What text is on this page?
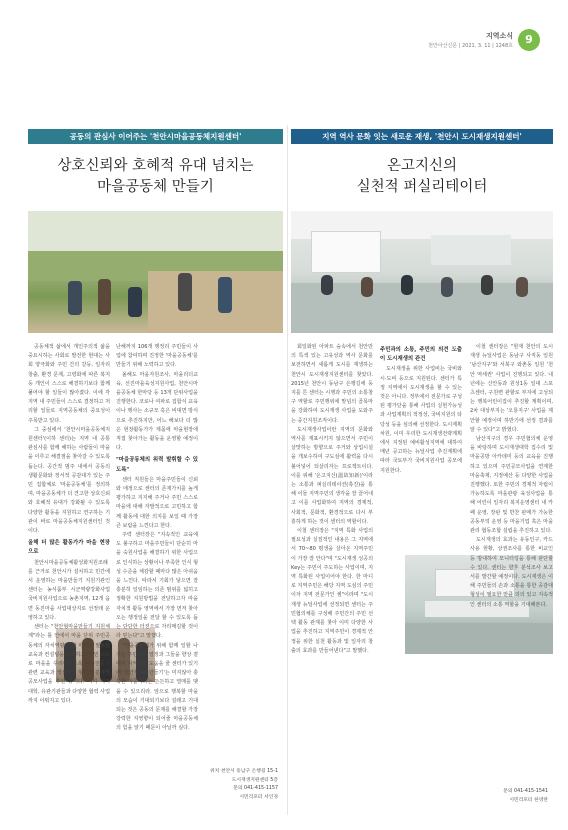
지역소식
천안아산신문 | 2021. 3. 11 | 1248호	9
공동의 관심사 이어주는 '천안시마을공동체지원센터'
상호신뢰와 호혜적 유대 넘치는
마을공동체 만들기

공동체적 삶에서 개인주의적 삶을 중요시하는 사회로 발전한 현대는 사회 양극화와 주민 간의 갈등, 일자리 창출, 환경 문제, 고령화에 따른 복지 등 개인이 스스로 해결하기보다 함께 풀어야 할 일들이 많아졌다. 이에 각 지역 내 주민들이 스스로 결정하고 처리할 일들로 지역공동체의 중요성이 주목받고 있다.

그 중심에서 '천안시마을공동체지원센터'(이하 센터)는 지역 내 공통 관심사를 함께 해하는 사람들이 마을을 이루고 해결점을 찾아갈 수 있도록 돕는다. 공간적 범주 내에서 공동의 생활문화와 정서적 공감대가 있는 주민 집합체로 '마을공동체'를 정의하며, 마을공동체가 더 견고한 상호신뢰와 호혜적 유대가 강화될 수 있도록 다양한 활동을 지원하고 연구하는 기관이 바로 마을공동체지원센터인 것이다.

올해 더 많은 활동가가 마을 현장으로

천안시마을공동체활성화지원조례를 근거로 천안시가 설치하고 민간에서 운영하는 마을만들기 지원기관인 센터는 농식품부 시군역량강화사업 국비지원사업으로 농촌지역, 12개 읍면 동진마을 사업대상지로 선정돼 운영하고 있다.

센터는 "천안형마을만들기 지원체계"라는 틀 안에서 마을 단위 주민공동체의 자치역량 기반 마련과 필요한 교육과 컨설팅을 시행하고, 주민 스스로 마을을 꾸려나가도록 마을만들기 관련 교육과 액션러닝 형식의 분야별 공모사업을 추진 중이다. 이미 지역 대학, 유관기관들과 다양한 협력 사업까지 이뤄지고 있다.

난해까지 106개 행정리 주민들이 사업에 참여하며 진정한 '마을공동체'를 만들기 위해 노력하고 있다.

올해도 마을자원조사, 마을리더교육, 선진마을육성지원사업, 천안시마을공동체 한마당 등 13개 단위사업을 진행한다. 코로나 여파로 집합식 교육이나 행사는 소규모 혹은 비대면 방식으로 추진하지만, 어느 해보다 더 많은 현장활동가가 제몫에 마을현장에 직접 찾아가는 활동을 운영할 예정이다.

"마을공동체의 위력 발휘할 수 있도록"

센터 직원들은 마을주민들이 신뢰와 애정으로 센터의 존재가치를 높게 평가하고 지지해 주거나 주민 스스로 마을에 대해 자발적으로 고민하고 함께 활동에 대한 의지를 보일 때 가장 큰 보람을 느낀다고 한다.

주력 센터장은 "지속적인 교육에도 불구하고 마을주민들이 단순히 마을 숙원사업을 해결하기 위한 사업으로 인식하는 상황이나 부족한 인식 형성 수준을 체감할 때마다 많은 아쉬움을 느낀다. 따라서 기회가 닿으면 잘 충분히 일임하는 의존 범위를 넓히고 정확한 지원방법을 전달하고자 마을 자치적 활동 영역에서 가장 먼저 찾아오는 행정일을 전달 할 수 있도록 돕는 단단한 터전으로 자리매김할 것이라 믿는다"고 말했다.

"마을공동체가 위해 함께 일할 나가는 주민들의 열정과 그들을 향상 곁에서 지켜보고 도움을 줄 센터가 있기에 '천안형마을만들기'는 미지않아 충북한 마을이라는 든든하고 열매를 맺을 수 있으리라. 앞으로 행복할 마을의 모습이 기대되기보다 설레고 기대되는 것은 공동의 문제를 해결할 가장 강력한 지영향이 되어줄 마을공동체의 힘을 알기 때문이 아닐까 싶다.

위치 천안시 동남구 은행길 15-1
도시재생지원센터 5층
문의 041-415-1157
시민리포터 서인경
지역 역사 문화 잇는 새로운 재생, '천안시 도시재생지원센터'
온고지신의
실천적 퍼실리테이터

회일화된 아파트 숲속에서 천안만의 특색 있는 고유성과 역사 문화를 보전하면서 새롭게 도시를 재생하는 천안시 도시재생지원센터를 찾았다. 2015년 천안시 동남구 은행길에 동지를 튼 센터는 시행과 주민의 소통창구 역할로 주민행위에 맞넘의 골목마을 강화하여 도시재생 사업을 도와주는 중간지원조직이다.

도시재생사업이란 지역의 문화와 역사를 재표시키지 않으면서 주민이 살맛하는 방향으로 주거와 상업시설을 개보수하여 구도심에 활력을 다시 불어넣어 되살리자는 프로젝트이다. 이를 위해 '온고지신(溫故知新)'이라는 소통과 퍼실리테이션(촉진)을 통해 이들 지역주민의 생각을 잘 끌어내고 이를 사업화하여 지역의 경제적, 사회적, 문화적, 환경적으로 다시 부흥하게 하는 것이 센터의 역할이다.

이철 센터장은 "지역 특화 사업의 필요성과 실질적인 내용은 그 지역에서 70~80 평생을 살아온 지역주민이 가장 잘 안다"며 "도시재생 성공의 Key는 주민이 주도하는 사업이며, 지역 특화된 사업이어야 한다. 한 마디로 지역주민은 해당 지역 도심의 주민이자 지역 전문가인 셈"이라며 "도시재생 뉴딜사업에 선정되면 센터는 주민협의체를 구성해 주민간의 주민 선택 활동 관계를 찾아 이미 다양한 사업을 추진하고 지역주민이 경제적 안정을 위한 실천 활동과 및 일자리 창출의 효과를 만들어낸다"고 말했다.

주민과의 소통, 주민의 의견 도출이 도시재생의 관건

도시재생을 위한 사업비는 국비와 시·도비 등으로 지원된다. 센터가 특정 지역에서 도시재생을 할 수 있는 것은 아니다. 정부에서 전문가로 구성된 평가단을 통해 사업의 실현가능성과 사업계획의 적정성, 국비지원의 타당성 등을 심의해 선정한다. 도시계획차원, 이미 우리한 도시재생전략계획에서 지정된 예비활성지역에 대하여 매년 공고하는 뉴딜사업 추진계획에 따라 국토부가 국비지원사업 공모에 지원한다.

이철 센터장은 "현재 천안의 도시재생 뉴딜사업은 동남구 사직동 일원 '남산지구'와 서북구 와촌동 일원 '천안 역세권' 사업이 진행되고 있다. 내년에는 신안동과 원성1동 일대 스포츠센터, 구원련 관할로 부지에 고성되는 행복어린이집이 추진할 계획이며, 2차 대상부지는 '오룡지구' 사업을 제안할 예정이며 하반기에 선정 결과를 알 수 있다"고 밝혔다.

남산지구의 경우 주민협의체 운영을 바탕하며 도시재생대학 집수리 및 마을공방 아카데미 등의 교육을 진행하고 있으며 주민공모사업을 연계한 마을축제, 지정예산 등 다양한 사업을 진행했다. 또한 주민의 경제적 자립이 가능하도록 마을관광 육성사업을 통해 어린이 일자리 복지운영센터 내 카페 운영, 장판 및 반찬 판매가 가능한 공동부엌 운영 등 마을기업 혹은 마을관리 협동조합 설립을 추진하고 있다.

도시재생의 효과는 유동인구, 카드사용 현황, 상권조사를 통한 비교인 등 방대하여 모니터링을 통해 판단할 수 있다. 센터는 향후 분석조사 보고서를 발간할 예정이다. 도시재생은 이해 주민들의 손과 소통을 통한 공감대 형성이 필요한 만큼 의의 있고 지속적인 센터의 소통 역할을 기대해본다.

문의 041-415-1541
시민리포터 한영란
